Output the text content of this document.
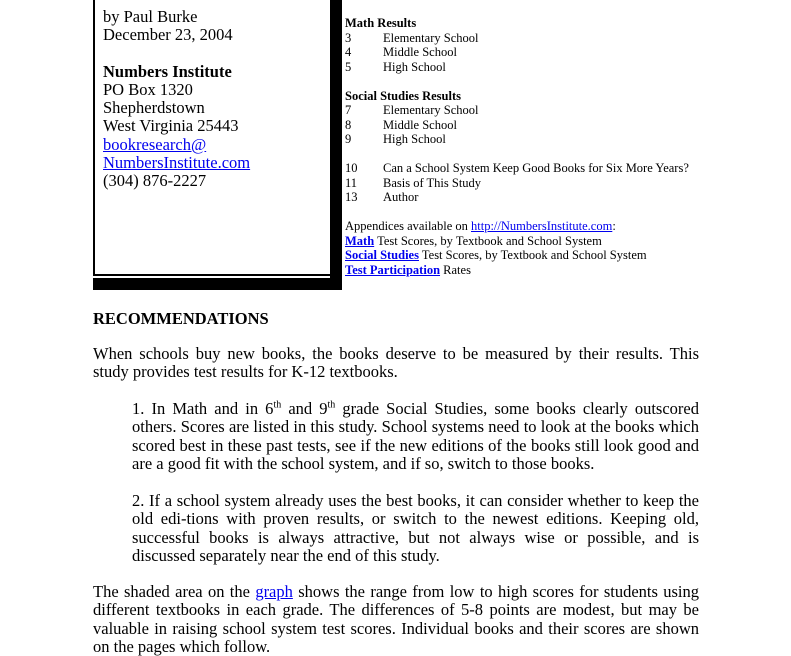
by Paul Burke
December 23, 2004
Numbers Institute
PO Box 1320
Shepherdstown
West Virginia 25443
bookresearch@
NumbersInstitute.com
(304) 876-2227
Math Results
3	Elementary School
4	Middle School
5	High School
Social Studies Results
7	Elementary School
8	Middle School
9	High School
10	Can a School System Keep Good Books for Six More Years?
11	Basis of This Study
13	Author
Appendices available on http://NumbersInstitute.com:
Math Test Scores, by Textbook and School System
Social Studies Test Scores, by Textbook and School System
Test Participation Rates
RECOMMENDATIONS
When schools buy new books, the books deserve to be measured by their results. This study provides test results for K-12 textbooks.
1. In Math and in 6th and 9th grade Social Studies, some books clearly outscored others. Scores are listed in this study. School systems need to look at the books which scored best in these past tests, see if the new editions of the books still look good and are a good fit with the school system, and if so, switch to those books.
2. If a school system already uses the best books, it can consider whether to keep the old edi-tions with proven results, or switch to the newest editions. Keeping old, successful books is always attractive, but not always wise or possible, and is discussed separately near the end of this study.
The shaded area on the graph shows the range from low to high scores for students using different textbooks in each grade. The differences of 5-8 points are modest, but may be valuable in raising school system test scores. Individual books and their scores are shown on the pages which follow.
